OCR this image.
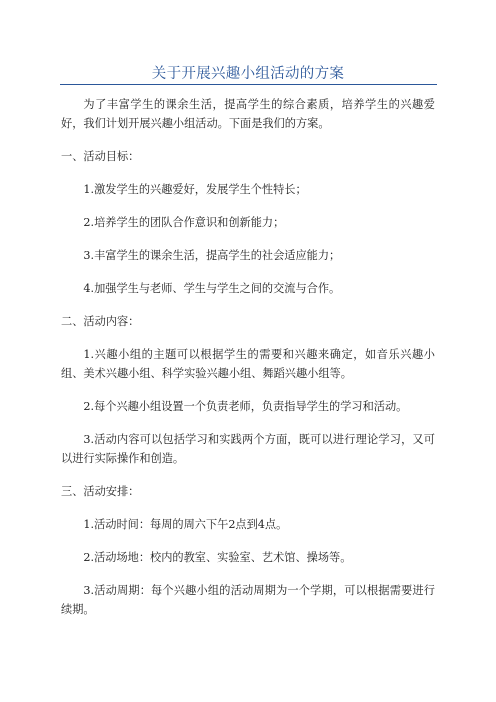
关于开展兴趣小组活动的方案

为了丰富学生的课余生活，提高学生的综合素质，培养学生的兴趣爱好，我们计划开展兴趣小组活动。下面是我们的方案。

一、活动目标：

1.激发学生的兴趣爱好，发展学生个性特长；

2.培养学生的团队合作意识和创新能力；

3.丰富学生的课余生活，提高学生的社会适应能力；

4.加强学生与老师、学生与学生之间的交流与合作。

二、活动内容：

1.兴趣小组的主题可以根据学生的需要和兴趣来确定，如音乐兴趣小组、美术兴趣小组、科学实验兴趣小组、舞蹈兴趣小组等。

2.每个兴趣小组设置一个负责老师，负责指导学生的学习和活动。

3.活动内容可以包括学习和实践两个方面，既可以进行理论学习，又可以进行实际操作和创造。

三、活动安排：

1.活动时间：每周的周六下午2点到4点。

2.活动场地：校内的教室、实验室、艺术馆、操场等。

3.活动周期：每个兴趣小组的活动周期为一个学期，可以根据需要进行续期。
